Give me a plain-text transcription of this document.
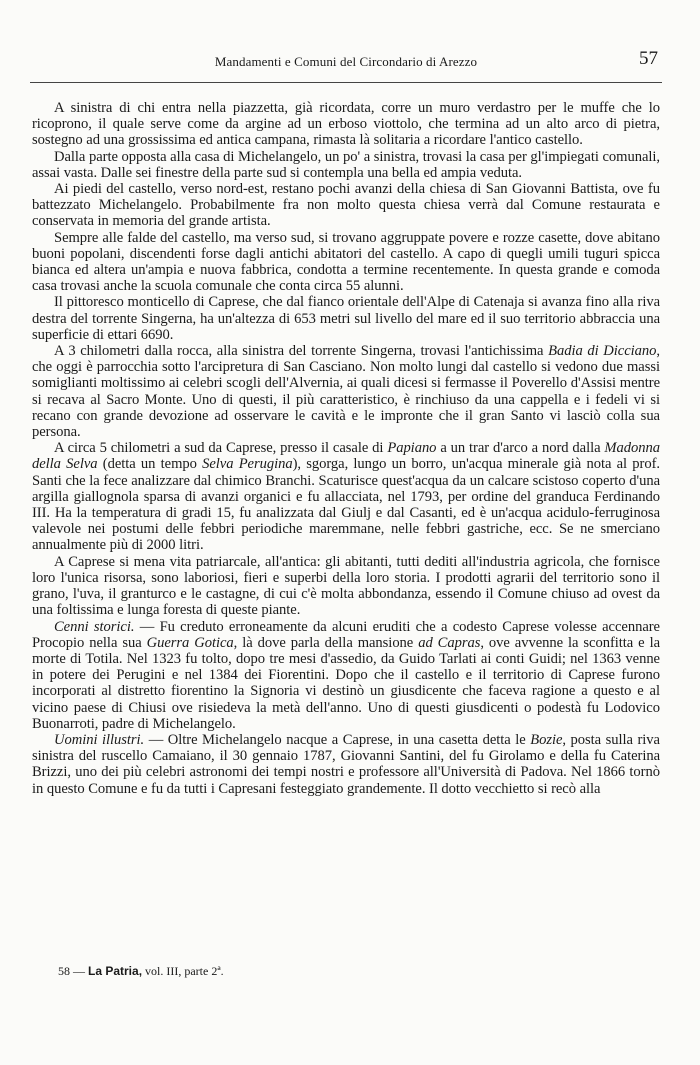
Mandamenti e Comuni del Circondario di Arezzo	57

A sinistra di chi entra nella piazzetta, già ricordata, corre un muro verdastro per le muffe che lo ricoprono, il quale serve come da argine ad un erboso viottolo, che termina ad un alto arco di pietra, sostegno ad una grossissima ed antica campana, rimasta là solitaria a ricordare l'antico castello.

Dalla parte opposta alla casa di Michelangelo, un po' a sinistra, trovasi la casa per gl'impiegati comunali, assai vasta. Dalle sei finestre della parte sud si contempla una bella ed ampia veduta.

Ai piedi del castello, verso nord-est, restano pochi avanzi della chiesa di San Giovanni Battista, ove fu battezzato Michelangelo. Probabilmente fra non molto questa chiesa verrà dal Comune restaurata e conservata in memoria del grande artista.

Sempre alle falde del castello, ma verso sud, si trovano aggruppate povere e rozze casette, dove abitano buoni popolani, discendenti forse dagli antichi abitatori del castello. A capo di quegli umili tuguri spicca bianca ed altera un'ampia e nuova fabbrica, condotta a termine recentemente. In questa grande e comoda casa trovasi anche la scuola comunale che conta circa 55 alunni.

Il pittoresco monticello di Caprese, che dal fianco orientale dell'Alpe di Catenaja si avanza fino alla riva destra del torrente Singerna, ha un'altezza di 653 metri sul livello del mare ed il suo territorio abbraccia una superficie di ettari 6690.

A 3 chilometri dalla rocca, alla sinistra del torrente Singerna, trovasi l'antichissima Badia di Dicciano, che oggi è parrocchia sotto l'arcipretura di San Casciano. Non molto lungi dal castello si vedono due massi somiglianti moltissimo ai celebri scogli dell'Alvernia, ai quali dicesi si fermasse il Poverello d'Assisi mentre si recava al Sacro Monte. Uno di questi, il più caratteristico, è rinchiuso da una cappella e i fedeli vi si recano con grande devozione ad osservare le cavità e le impronte che il gran Santo vi lasciò colla sua persona.

A circa 5 chilometri a sud da Caprese, presso il casale di Papiano a un trar d'arco a nord dalla Madonna della Selva (detta un tempo Selva Perugina), sgorga, lungo un borro, un'acqua minerale già nota al prof. Santi che la fece analizzare dal chimico Branchi. Scaturisce quest'acqua da un calcare scistoso coperto d'una argilla giallognola sparsa di avanzi organici e fu allacciata, nel 1793, per ordine del granduca Ferdinando III. Ha la temperatura di gradi 15, fu analizzata dal Giulj e dal Casanti, ed è un'acqua acidulo-ferruginosa valevole nei postumi delle febbri periodiche maremmane, nelle febbri gastriche, ecc. Se ne smerciano annualmente più di 2000 litri.

A Caprese si mena vita patriarcale, all'antica: gli abitanti, tutti dediti all'industria agricola, che fornisce loro l'unica risorsa, sono laboriosi, fieri e superbi della loro storia. I prodotti agrarii del territorio sono il grano, l'uva, il granturco e le castagne, di cui c'è molta abbondanza, essendo il Comune chiuso ad ovest da una foltissima e lunga foresta di queste piante.

Cenni storici. — Fu creduto erroneamente da alcuni eruditi che a codesto Caprese volesse accennare Procopio nella sua Guerra Gotica, là dove parla della mansione ad Capras, ove avvenne la sconfitta e la morte di Totila. Nel 1323 fu tolto, dopo tre mesi d'assedio, da Guido Tarlati ai conti Guidi; nel 1363 venne in potere dei Perugini e nel 1384 dei Fiorentini. Dopo che il castello e il territorio di Caprese furono incorporati al distretto fiorentino la Signoria vi destinò un giusdicente che faceva ragione a questo e al vicino paese di Chiusi ove risiedeva la metà dell'anno. Uno di questi giusdicenti o podestà fu Lodovico Buonarroti, padre di Michelangelo.

Uomini illustri. — Oltre Michelangelo nacque a Caprese, in una casetta detta le Bozie, posta sulla riva sinistra del ruscello Camaiano, il 30 gennaio 1787, Giovanni Santini, del fu Girolamo e della fu Caterina Brizzi, uno dei più celebri astronomi dei tempi nostri e professore all'Università di Padova. Nel 1866 tornò in questo Comune e fu da tutti i Capresani festeggiato grandemente. Il dotto vecchietto si recò alla

58 — La Patria, vol. III, parte 2ª.
